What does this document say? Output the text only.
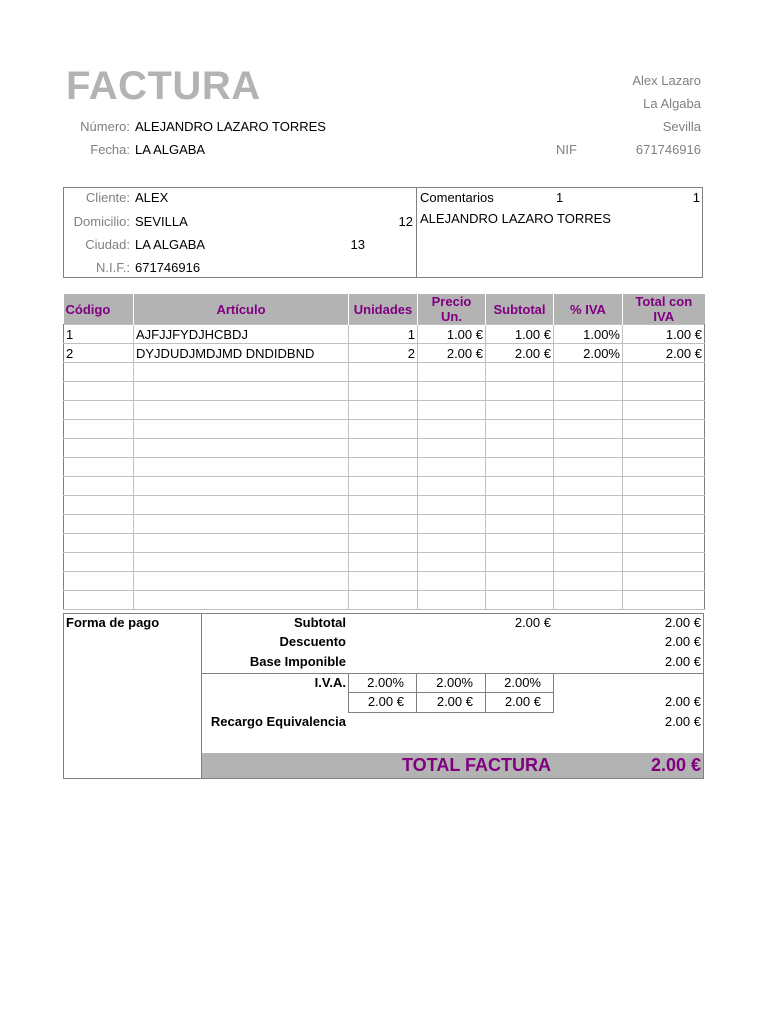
FACTURA
Número: ALEJANDRO LAZARO TORRES
Fecha: LA ALGABA
Alex Lazaro
La Algaba
Sevilla
NIF	671746916
Cliente: ALEX
Domicilio: SEVILLA	12
Ciudad: LA ALGABA	13
N.I.F.: 671746916
Comentarios	1	1
ALEJANDRO LAZARO TORRES
Código	Artículo	Unidades	Precio Un.	Subtotal	% IVA	Total con IVA
1	AJFJJFYDJHCBDJ	1	1.00 €	1.00 €	1.00%	1.00 €
2	DYJDUDJMDJMD DNDIDBND	2	2.00 €	2.00 €	2.00%	2.00 €

Forma de pago	Subtotal	2.00 €	2.00 €
Descuento	2.00 €
Base Imponible	2.00 €
I.V.A.	2.00%	2.00%	2.00%
2.00 €	2.00 €	2.00 €	2.00 €
Recargo Equivalencia	2.00 €
TOTAL FACTURA	2.00 €
